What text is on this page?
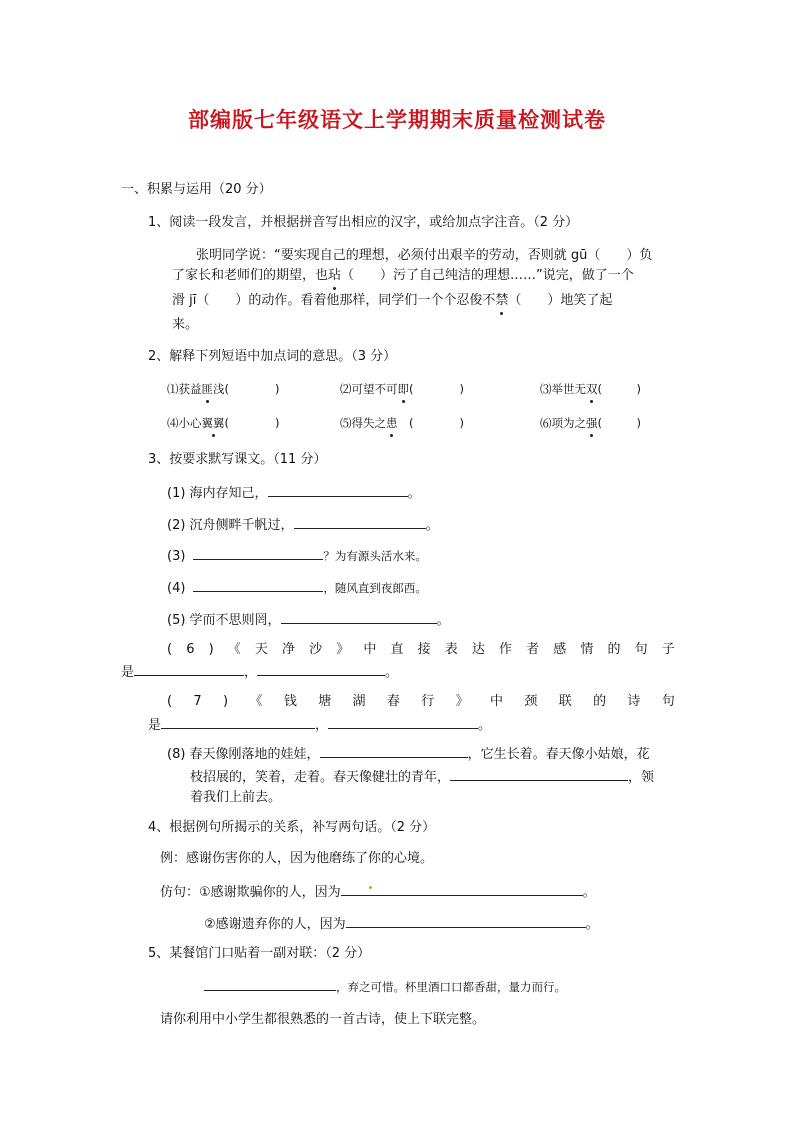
部编版七年级语文上学期期末质量检测试卷
一、积累与运用（20 分）
1、阅读一段发言，并根据拼音写出相应的汉字，或给加点字注音。（2 分）
张明同学说：“要实现自己的理想，必须付出艰辛的劳动，否则就 gū（　　）负
了家长和老师们的期望，也玷（　　）污了自己纯洁的理想……”说完，做了一个
滑 jī（　　）的动作。看着他那样，同学们一个个忍俊不禁（　　）地笑了起
来。
2、解释下列短语中加点词的意思。（3 分）
⑴获益匪浅(　　　　)	⑵可望不可即(　　　　)	⑶举世无双(　　　)
⑷小心翼翼(　　　　)	⑸得失之患　(　　　　)	⑹项为之强(　　　)
3、按要求默写课文。（11 分）
(1) 海内存知己，	。
(2) 沉舟侧畔千帆过，	。
(3)	？为有源头活水来。
(4)	，随风直到夜郎西。
(5) 学而不思则罔，	。
( 6 ) 《 天 净 沙 》 中 直 接 表 达 作 者 感 情 的 句 子
是	，	。
( 7 ) 《 钱 塘 湖 春 行 》 中 颈 联 的 诗 句
是	，	。
(8) 春天像刚落地的娃娃，	，它生长着。春天像小姑娘，花
枝招展的，笑着，走着。春天像健壮的青年，	，领
着我们上前去。
4、根据例句所揭示的关系，补写两句话。（2 分）
例：感谢伤害你的人，因为他磨练了你的心境。
仿句：①感谢欺骗你的人，因为	。
②感谢遗弃你的人，因为	。
5、某餐馆门口贴着一副对联：（2 分）
，弃之可惜。杯里酒口口都香甜，量力而行。
请你利用中小学生都很熟悉的一首古诗，使上下联完整。
